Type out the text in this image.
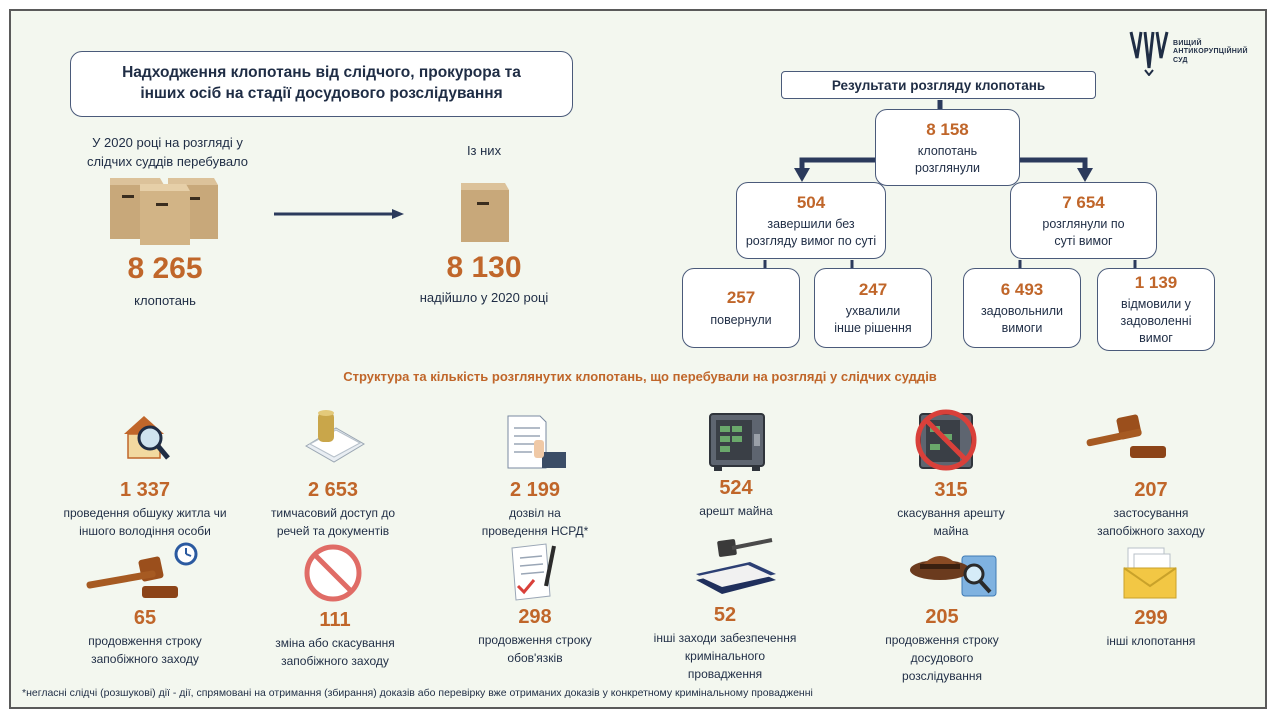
Надходження клопотань від слідчого, прокурора та інших осіб на стадії досудового розслідування
ВИЩИЙ
АНТИКОРУПЦІЙНИЙ
СУД
У 2020 році на розгляді у слідчих суддів перебувало
8 265
клопотань
Із них
8 130
надійшло у 2020 році
Результати розгляду клопотань
8 158
клопотань розглянули
504
завершили без розгляду вимог по суті
7 654
розглянули по суті вимог
257
повернули
247
ухвалили інше рішення
6 493
задовольнили вимоги
1 139
відмовили у задоволенні вимог
Структура та кількість розглянутих клопотань, що перебували на розгляді у слідчих суддів
1 337
проведення обшуку житла чи іншого володіння особи
2 653
тимчасовий доступ до речей та документів
2 199
дозвіл на проведення НСРД*
524
арешт майна
315
скасування арешту майна
207
застосування запобіжного заходу
65
продовження строку запобіжного заходу
111
зміна або скасування запобіжного заходу
298
продовження строку обов'язків
52
інші заходи забезпечення кримінального провадження
205
продовження строку досудового розслідування
299
інші клопотання
*негласні слідчі (розшукові) дії - дії, спрямовані на отримання (збирання) доказів або перевірку вже отриманих доказів у конкретному кримінальному провадженні
